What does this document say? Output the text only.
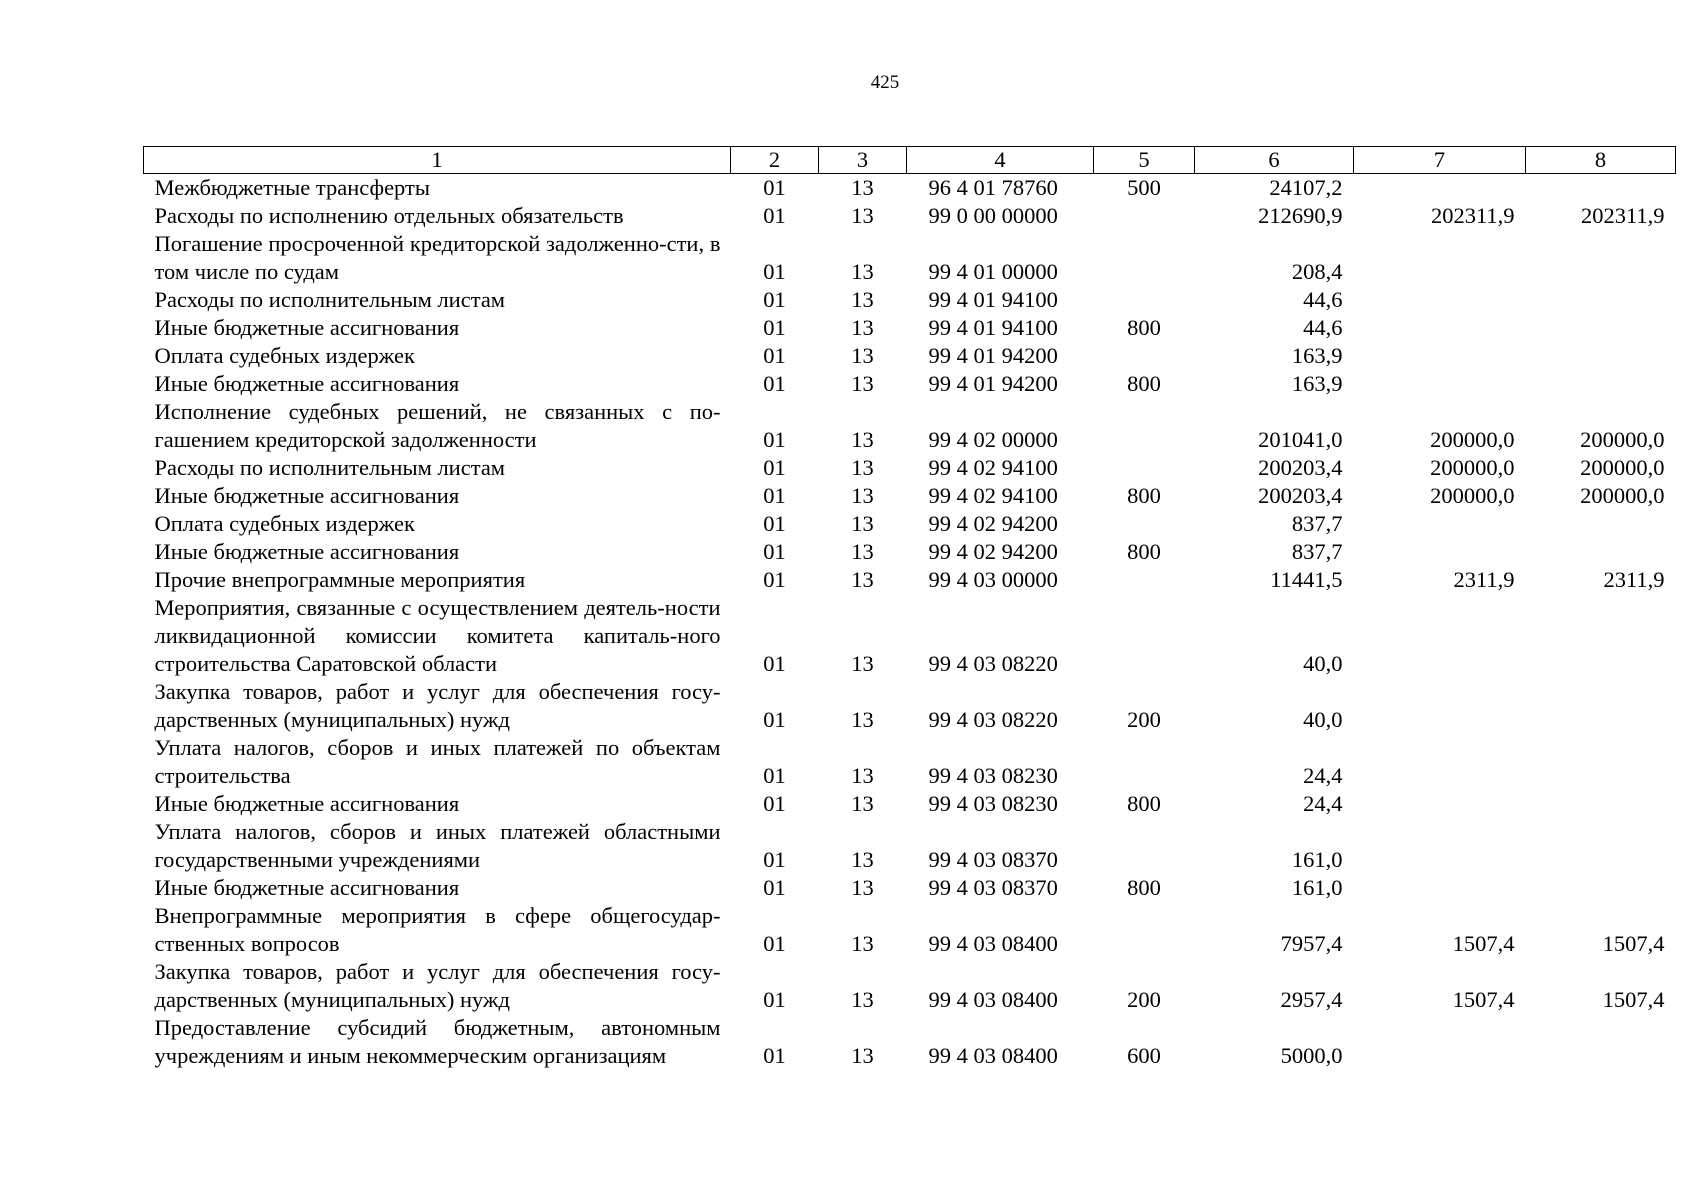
425
1	2	3	4	5	6	7	8
Межбюджетные трансферты	01	13	96 4 01 78760	500	24107,2		
Расходы по исполнению отдельных обязательств	01	13	99 0 00 00000		212690,9	202311,9	202311,9
Погашение просроченной кредиторской задолженно-сти, в том числе по судам	01	13	99 4 01 00000		208,4		
Расходы по исполнительным листам	01	13	99 4 01 94100		44,6		
Иные бюджетные ассигнования	01	13	99 4 01 94100	800	44,6		
Оплата судебных издержек	01	13	99 4 01 94200		163,9		
Иные бюджетные ассигнования	01	13	99 4 01 94200	800	163,9		
Исполнение судебных решений, не связанных с по-гашением кредиторской задолженности	01	13	99 4 02 00000		201041,0	200000,0	200000,0
Расходы по исполнительным листам	01	13	99 4 02 94100		200203,4	200000,0	200000,0
Иные бюджетные ассигнования	01	13	99 4 02 94100	800	200203,4	200000,0	200000,0
Оплата судебных издержек	01	13	99 4 02 94200		837,7		
Иные бюджетные ассигнования	01	13	99 4 02 94200	800	837,7		
Прочие внепрограммные мероприятия	01	13	99 4 03 00000		11441,5	2311,9	2311,9
Мероприятия, связанные с осуществлением деятель-ности ликвидационной комиссии комитета капиталь-ного строительства Саратовской области	01	13	99 4 03 08220		40,0		
Закупка товаров, работ и услуг для обеспечения госу-дарственных (муниципальных) нужд	01	13	99 4 03 08220	200	40,0		
Уплата налогов, сборов и иных платежей по объектам строительства	01	13	99 4 03 08230		24,4		
Иные бюджетные ассигнования	01	13	99 4 03 08230	800	24,4		
Уплата налогов, сборов и иных платежей областными государственными учреждениями	01	13	99 4 03 08370		161,0		
Иные бюджетные ассигнования	01	13	99 4 03 08370	800	161,0		
Внепрограммные мероприятия в сфере общегосудар-ственных вопросов	01	13	99 4 03 08400		7957,4	1507,4	1507,4
Закупка товаров, работ и услуг для обеспечения госу-дарственных (муниципальных) нужд	01	13	99 4 03 08400	200	2957,4	1507,4	1507,4
Предоставление субсидий бюджетным, автономным учреждениям и иным некоммерческим организациям	01	13	99 4 03 08400	600	5000,0		
